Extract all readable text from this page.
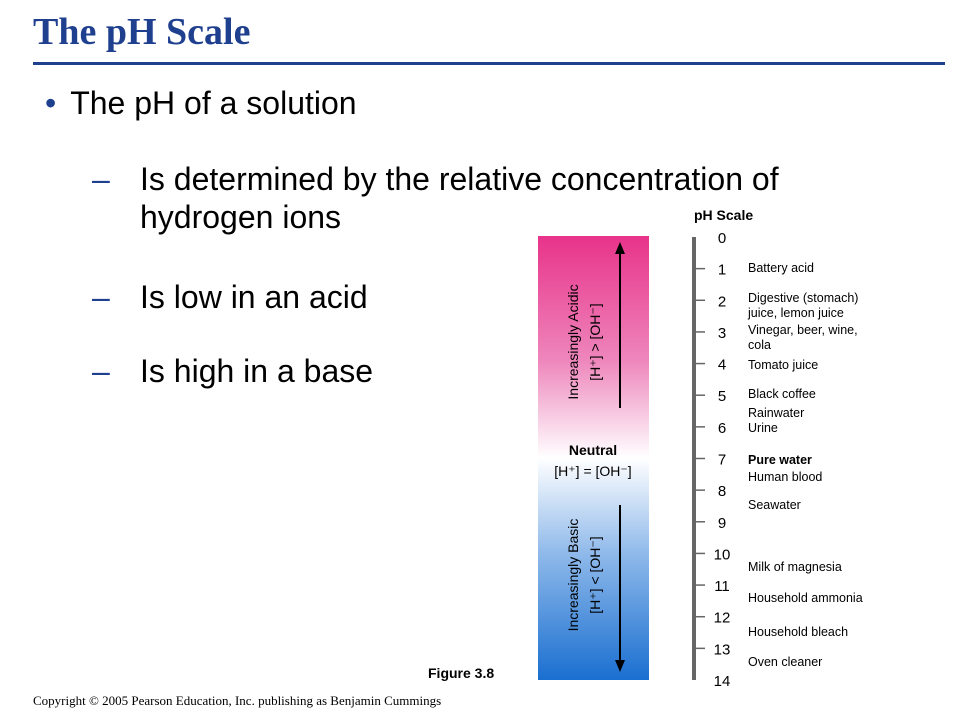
The pH Scale
• The pH of a solution
– Is determined by the relative concentration of
hydrogen ions
– Is low in an acid
– Is high in a base	Increasingly Acidic [H⁺] > [OH⁻]
Neutral
[H⁺] = [OH⁻]
Increasingly Basic [H⁺] < [OH⁻]
pH Scale
0
1
2
3
4
5
6
7
8
9
10
11
12
13
14
Battery acid
Digestive (stomach)
juice, lemon juice
Vinegar, beer, wine,
cola
Tomato juice
Black coffee
Rainwater
Urine
Pure water
Human blood
Seawater
Milk of magnesia
Household ammonia
Household bleach
Oven cleaner
Figure 3.8
Copyright © 2005 Pearson Education, Inc. publishing as Benjamin Cummings
